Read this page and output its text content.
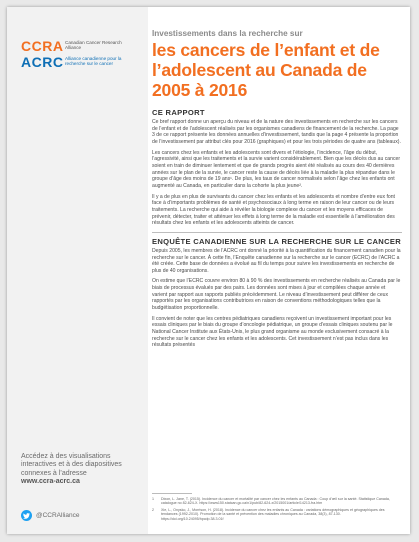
CCRA Canadian Cancer Research Alliance
ACRC Alliance canadienne pour la recherche sur le cancer
Accédez à des visualisations interactives et à des diapositives connexes à l’adresse
www.ccra-acrc.ca
@CCRAlliance

Investissements dans la recherche sur

les cancers de l’enfant et de l’adolescent au Canada de 2005 à 2016
CE RAPPORT

Ce bref rapport donne un aperçu du niveau et de la nature des investissements en recherche sur les cancers de l’enfant et de l’adolescent réalisés par les organismes canadiens de financement de la recherche. La page 3 de ce rapport présente les données annuelles d’investissement, tandis que la page 4 présente la proportion de l’investissement par attribut clés pour 2016 (graphiques) et pour les trois périodes de quatre ans (tableaux).

Les cancers chez les enfants et les adolescents sont divers et l’étiologie, l’incidence, l’âge du début, l’agressivité, ainsi que les traitements et la survie varient considérablement. Bien que les décès dus au cancer soient en train de diminuer lentement et que de grands progrès aient été réalisés au cours des 40 dernières années sur le plan de la survie, le cancer reste la cause de décès liée à la maladie la plus répandue dans le groupe d’âge des moins de 19 ans¹. De plus, les taux de cancer normalisés selon l’âge chez les enfants ont augmenté au Canada, en particulier dans la cohorte la plus jeune².

Il y a de plus en plus de survivants du cancer chez les enfants et les adolescents et nombre d’entre eux font face à d’importants problèmes de santé et psychosociaux à long terme en raison de leur cancer ou de leurs traitements. La recherche qui aide à révéler la biologie complexe du cancer et les moyens efficaces de prévenir, détecter, traiter et atténuer les effets à long terme de la maladie est essentielle à l’amélioration des résultats chez les enfants et les adolescents atteints de cancer.

ENQUÊTE CANADIENNE SUR LA RECHERCHE SUR LE CANCER

Depuis 2005, les membres de l’ACRC ont donné la priorité à la quantification du financement canadien pour la recherche sur le cancer. À cette fin, l’Enquête canadienne sur la recherche sur le cancer (ECRC) de l’ACRC a été créée. Cette base de données a évolué au fil du temps pour suivre les investissements en recherche de plus de 40 organisations.

On estime que l’ECRC couvre environ 80 à 90 % des investissements en recherche réalisés au Canada par le biais de processus évalués par des pairs. Les données sont mises à jour et compilées chaque année et varient par rapport aux rapports publiés précédemment. Le niveau d’investissement peut différer de ceux rapportés par les organisations contributrices en raison de conventions méthodologiques telles que la budgétisation proportionnelle.

Il convient de noter que les centres pédiatriques canadiens reçoivent un investissement important pour les essais cliniques par le biais du groupe d’oncologie pédiatrique, un groupe d’essais cliniques soutenu par le National Cancer Institute aux États-Unis, le plus grand organisme au monde exclusivement consacré à la recherche sur le cancer chez les enfants et les adolescents. Cet investissement n’est pas inclus dans les résultats présentés

1	Dixon, L. Jane, T. (2015). Incidence du cancer et mortalité par cancer chez les enfants au Canada : Coup d’œil sur la santé. Statistique Canada, catalogue no 82-624-X. https://www150.statcan.gc.ca/n1/pub/82-624-x/2015001/article/14213-fra.htm
2	Xie, L., Onysko, J., Morrison, H. (2018). Incidence du cancer chez les enfants au Canada : variations démographiques et géographiques des tendances (1992-2010). Promotion de la santé et prévention des maladies chroniques au Canada, 38(3), 87-130. https://doi.org/10.24095/hpcdp.38.3.01f
